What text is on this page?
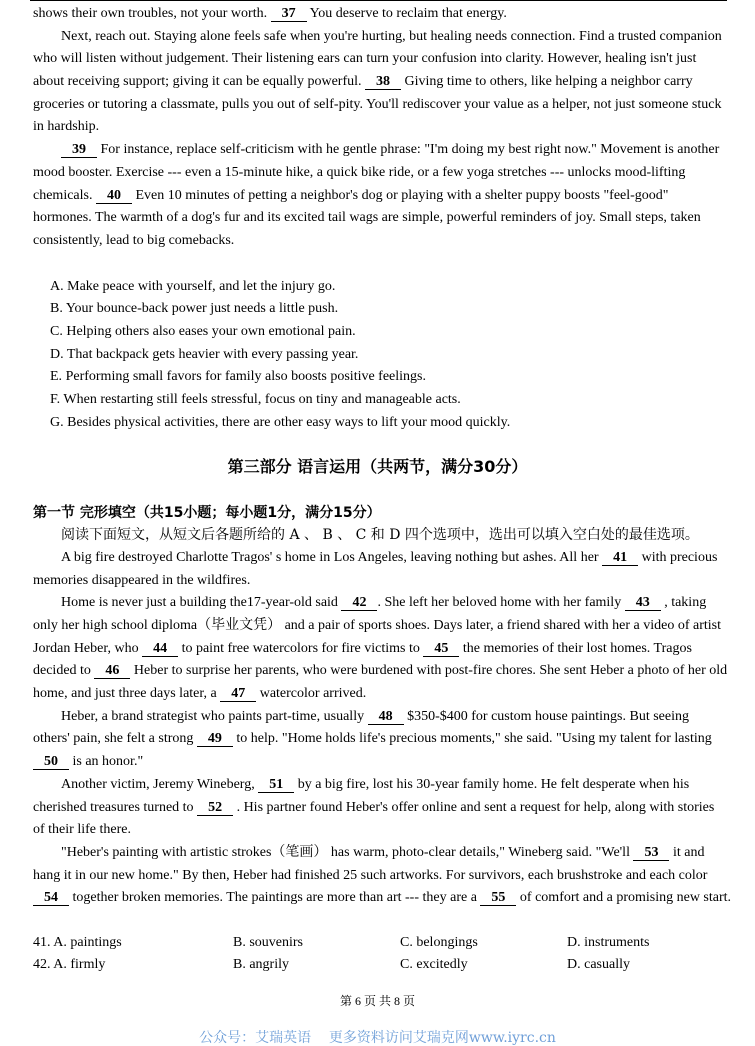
shows their own troubles, not your worth. 37 You deserve to reclaim that energy.
Next, reach out. Staying alone feels safe when you're hurting, but healing needs connection. Find a trusted companion
who will listen without judgement. Their listening ears can turn your confusion into clarity. However, healing isn't just
about receiving support; giving it can be equally powerful. 38 Giving time to others, like helping a neighbor carry
groceries or tutoring a classmate, pulls you out of self-pity. You'll rediscover your value as a helper, not just someone stuck
in hardship.
39 For instance, replace self-criticism with he gentle phrase: "I'm doing my best right now." Movement is another
mood booster. Exercise --- even a 15-minute hike, a quick bike ride, or a few yoga stretches --- unlocks mood-lifting
chemicals. 40 Even 10 minutes of petting a neighbor's dog or playing with a shelter puppy boosts "feel-good"
hormones. The warmth of a dog's fur and its excited tail wags are simple, powerful reminders of joy. Small steps, taken
consistently, lead to big comebacks.
A. Make peace with yourself, and let the injury go.
B. Your bounce-back power just needs a little push.
C. Helping others also eases your own emotional pain.
D. That backpack gets heavier with every passing year.
E. Performing small favors for family also boosts positive feelings.
F. When restarting still feels stressful, focus on tiny and manageable acts.
G. Besides physical activities, there are other easy ways to lift your mood quickly.
第三部分 语言运用（共两节，满分30分）
第一节 完形填空（共15小题；每小题1分，满分15分）
阅读下面短文，从短文后各题所给的 A 、 B 、 C 和 D 四个选项中，选出可以填入空白处的最佳选项。
A big fire destroyed Charlotte Tragos' s home in Los Angeles, leaving nothing but ashes. All her 41 with precious
memories disappeared in the wildfires.
Home is never just a building the17-year-old said 42 . She left her beloved home with her family 43 , taking
only her high school diploma（毕业文凭） and a pair of sports shoes. Days later, a friend shared with her a video of artist
Jordan Heber, who 44 to paint free watercolors for fire victims to 45 the memories of their lost homes. Tragos
decided to 46 Heber to surprise her parents, who were burdened with post-fire chores. She sent Heber a photo of her old
home, and just three days later, a 47 watercolor arrived.
Heber, a brand strategist who paints part-time, usually 48 $350-$400 for custom house paintings. But seeing
others' pain, she felt a strong 49 to help. "Home holds life's precious moments," she said. "Using my talent for lasting
50 is an honor."
Another victim, Jeremy Wineberg, 51 by a big fire, lost his 30-year family home. He felt desperate when his
cherished treasures turned to 52 . His partner found Heber's offer online and sent a request for help, along with stories
of their life there.
"Heber's painting with artistic strokes（笔画） has warm, photo-clear details," Wineberg said. "We'll 53 it and
hang it in our new home." By then, Heber had finished 25 such artworks. For survivors, each brushstroke and each color
54 together broken memories. The paintings are more than art --- they are a 55 of comfort and a promising new start.
41. A. paintings	B. souvenirs	C. belongings	D. instruments
42. A. firmly	B. angrily	C. excitedly	D. casually
第 6 页 共 8 页
公众号：艾瑞英语    更多资料访问艾瑞克网www.iyrc.cn
